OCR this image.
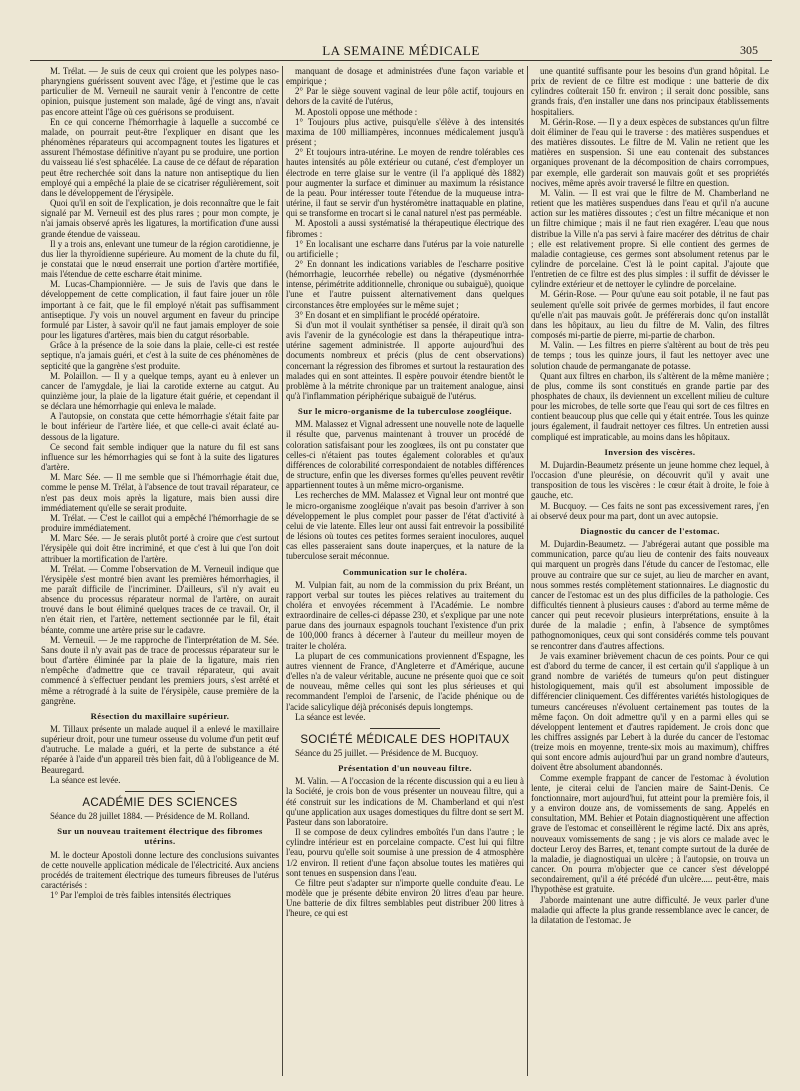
LA SEMAINE MÉDICALE	305

M. Trélat. — Je suis de ceux qui croient que les polypes naso-pharyngiens guérissent souvent avec l'âge, et j'estime que le cas particulier de M. Verneuil ne saurait venir à l'encontre de cette opinion, puisque justement son malade, âgé de vingt ans, n'avait pas encore atteint l'âge où ces guérisons se produisent.

En ce qui concerne l'hémorrhagie à laquelle a succombé ce malade, on pourrait peut-être l'expliquer en disant que les phénomènes réparateurs qui accompagnent toutes les ligatures et assurent l'hémostase définitive n'ayant pu se produire, une portion du vaisseau lié s'est sphacélée. La cause de ce défaut de réparation peut être recherchée soit dans la nature non antiseptique du lien employé qui a empêché la plaie de se cicatriser régulièrement, soit dans le développement de l'érysipèle.

Quoi qu'il en soit de l'explication, je dois reconnaître que le fait signalé par M. Verneuil est des plus rares ; pour mon compte, je n'ai jamais observé après les ligatures, la mortification d'une aussi grande étendue de vaisseau.

Il y a trois ans, enlevant une tumeur de la région carotidienne, je dus lier la thyroïdienne supérieure. Au moment de la chute du fil, je constatai que le nœud enserrait une portion d'artère mortifiée, mais l'étendue de cette escharre était minime.

M. Lucas-Championnière. — Je suis de l'avis que dans le développement de cette complication, il faut faire jouer un rôle important à ce fait, que le fil employé n'était pas suffisamment antiseptique. J'y vois un nouvel argument en faveur du principe formulé par Lister, à savoir qu'il ne faut jamais employer de soie pour les ligatures d'artères, mais bien du catgut résorbable.

Grâce à la présence de la soie dans la plaie, celle-ci est restée septique, n'a jamais guéri, et c'est à la suite de ces phénomènes de septicité que la gangrène s'est produite.

M. Polaillon. — Il y a quelque temps, ayant eu à enlever un cancer de l'amygdale, je liai la carotide externe au catgut. Au quinzième jour, la plaie de la ligature était guérie, et cependant il se déclara une hémorrhagie qui enleva le malade.

A l'autopsie, on constata que cette hémorrhagie s'était faite par le bout inférieur de l'artère liée, et que celle-ci avait éclaté au-dessous de la ligature.

Ce second fait semble indiquer que la nature du fil est sans influence sur les hémorrhagies qui se font à la suite des ligatures d'artère.

M. Marc Sée. — Il me semble que si l'hémorrhagie était due, comme le pense M. Trélat, à l'absence de tout travail réparateur, ce n'est pas deux mois après la ligature, mais bien aussi dire immédiatement qu'elle se serait produite.

M. Trélat. — C'est le caillot qui a empêché l'hémorrhagie de se produire immédiatement.

M. Marc Sée. — Je serais plutôt porté à croire que c'est surtout l'érysipèle qui doit être incriminé, et que c'est à lui que l'on doit attribuer la mortification de l'artère.

M. Trélat. — Comme l'observation de M. Verneuil indique que l'érysipèle s'est montré bien avant les premières hémorrhagies, il me paraît difficile de l'incriminer. D'ailleurs, s'il n'y avait eu absence du processus réparateur normal de l'artère, on aurait trouvé dans le bout éliminé quelques traces de ce travail. Or, il n'en était rien, et l'artère, nettement sectionnée par le fil, était béante, comme une artère prise sur le cadavre.

M. Verneuil. — Je me rapproche de l'interprétation de M. Sée. Sans doute il n'y avait pas de trace de processus réparateur sur le bout d'artère éliminée par la plaie de la ligature, mais rien n'empêche d'admettre que ce travail réparateur, qui avait commencé à s'effectuer pendant les premiers jours, s'est arrêté et même a rétrogradé à la suite de l'érysipèle, cause première de la gangrène.

Résection du maxillaire supérieur.

M. Tillaux présente un malade auquel il a enlevé le maxillaire supérieur droit, pour une tumeur osseuse du volume d'un petit œuf d'autruche. Le malade a guéri, et la perte de substance a été réparée à l'aide d'un appareil très bien fait, dû à l'obligeance de M. Beauregard.

La séance est levée.

ACADÉMIE DES SCIENCES

Séance du 28 juillet 1884. — Présidence de M. Rolland.

Sur un nouveau traitement électrique des fibromes utérins.

M. le docteur Apostoli donne lecture des conclusions suivantes de cette nouvelle application médicale de l'électricité. Aux anciens procédés de traitement électrique des tumeurs fibreuses de l'utérus caractérisés :

1° Par l'emploi de très faibles intensités électriques

manquant de dosage et administrées d'une façon variable et empirique ;

2° Par le siège souvent vaginal de leur pôle actif, toujours en dehors de la cavité de l'utérus,

M. Apostoli oppose une méthode :

1° Toujours plus active, puisqu'elle s'élève à des intensités maxima de 100 milliampères, inconnues médicalement jusqu'à présent ;

2° Et toujours intra-utérine. Le moyen de rendre tolérables ces hautes intensités au pôle extérieur ou cutané, c'est d'employer un électrode en terre glaise sur le ventre (il l'a appliqué dès 1882) pour augmenter la surface et diminuer au maximum la résistance de la peau. Pour intéresser toute l'étendue de la muqueuse intra-utérine, il faut se servir d'un hystéromètre inattaquable en platine, qui se transforme en trocart si le canal naturel n'est pas perméable.

M. Apostoli a aussi systématisé la thérapeutique électrique des fibromes :

1° En localisant une escharre dans l'utérus par la voie naturelle ou artificielle ;

2° En donnant les indications variables de l'escharre positive (hémorrhagie, leucorrhée rebelle) ou négative (dysménorrhée intense, périmétrite additionnelle, chronique ou subaiguë), quoique l'une et l'autre puissent alternativement dans quelques circonstances être employées sur le même sujet ;

3° En dosant et en simplifiant le procédé opératoire.

Si d'un mot il voulait synthétiser sa pensée, il dirait qu'à son avis l'avenir de la gynécologie est dans la thérapeutique intra-utérine sagement administrée. Il apporte aujourd'hui des documents nombreux et précis (plus de cent observations) concernant la régression des fibromes et surtout la restauration des malades qui en sont atteintes. Il espère pouvoir étendre bientôt le problème à la métrite chronique par un traitement analogue, ainsi qu'à l'inflammation périphérique subaiguë de l'utérus.

Sur le micro-organisme de la tuberculose zoogléique.

MM. Malassez et Vignal adressent une nouvelle note de laquelle il résulte que, parvenus maintenant à trouver un procédé de coloration satisfaisant pour les zooglœes, ils ont pu constater que celles-ci n'étaient pas toutes également colorables et qu'aux différences de colorabilité correspondaient de notables différences de structure, enfin que les diverses formes qu'elles peuvent revêtir appartiennent toutes à un même micro-organisme.

Les recherches de MM. Malassez et Vignal leur ont montré que le micro-organisme zoogléique n'avait pas besoin d'arriver à son développement le plus complet pour passer de l'état d'activité à celui de vie latente. Elles leur ont aussi fait entrevoir la possibilité de lésions où toutes ces petites formes seraient inoculores, auquel cas elles passeraient sans doute inaperçues, et la nature de la tuberculose serait méconnue.

Communication sur le choléra.

M. Vulpian fait, au nom de la commission du prix Bréant, un rapport verbal sur toutes les pièces relatives au traitement du choléra et envoyées récemment à l'Académie. Le nombre extraordinaire de celles-ci dépasse 230, et s'explique par une note parue dans des journaux espagnols touchant l'existence d'un prix de 100,000 francs à décerner à l'auteur du meilleur moyen de traiter le choléra.

La plupart de ces communications proviennent d'Espagne, les autres viennent de France, d'Angleterre et d'Amérique, aucune d'elles n'a de valeur véritable, aucune ne présente quoi que ce soit de nouveau, même celles qui sont les plus sérieuses et qui recommandent l'emploi de l'arsenic, de l'acide phénique ou de l'acide salicylique déjà préconisés depuis longtemps.

La séance est levée.

SOCIÉTÉ MÉDICALE DES HOPITAUX

Séance du 25 juillet. — Présidence de M. Bucquoy.

Présentation d'un nouveau filtre.

M. Valin. — A l'occasion de la récente discussion qui a eu lieu à la Société, je crois bon de vous présenter un nouveau filtre, qui a été construit sur les indications de M. Chamberland et qui n'est qu'une application aux usages domestiques du filtre dont se sert M. Pasteur dans son laboratoire.

Il se compose de deux cylindres emboîtés l'un dans l'autre ; le cylindre intérieur est en porcelaine compacte. C'est lui qui filtre l'eau, pourvu qu'elle soit soumise à une pression de 4 atmosphère 1/2 environ. Il retient d'une façon absolue toutes les matières qui sont tenues en suspension dans l'eau.

Ce filtre peut s'adapter sur n'importe quelle conduite d'eau. Le modèle que je présente débite environ 20 litres d'eau par heure. Une batterie de dix filtres semblables peut distribuer 200 litres à l'heure, ce qui est

une quantité suffisante pour les besoins d'un grand hôpital. Le prix de revient de ce filtre est modique : une batterie de dix cylindres coûterait 150 fr. environ ; il serait donc possible, sans grands frais, d'en installer une dans nos principaux établissements hospitaliers.

M. Gérin-Rose. — Il y a deux espèces de substances qu'un filtre doit éliminer de l'eau qui le traverse : des matières suspendues et des matières dissoutes. Le filtre de M. Valin ne retient que les matières en suspension. Si une eau contenait des substances organiques provenant de la décomposition de chairs corrompues, par exemple, elle garderait son mauvais goût et ses propriétés nocives, même après avoir traversé le filtre en question.

M. Valin. — Il est vrai que le filtre de M. Chamberland ne retient que les matières suspendues dans l'eau et qu'il n'a aucune action sur les matières dissoutes ; c'est un filtre mécanique et non un filtre chimique ; mais il ne faut rien exagérer. L'eau que nous distribue la Ville n'a pas servi à faire macérer des détritus de chair ; elle est relativement propre. Si elle contient des germes de maladie contagieuse, ces germes sont absolument retenus par le cylindre de porcelaine. C'est là le point capital. J'ajoute que l'entretien de ce filtre est des plus simples : il suffit de dévisser le cylindre extérieur et de nettoyer le cylindre de porcelaine.

M. Gérin-Rose. — Pour qu'une eau soit potable, il ne faut pas seulement qu'elle soit privée de germes morbides, il faut encore qu'elle n'ait pas mauvais goût. Je préférerais donc qu'on installât dans les hôpitaux, au lieu du filtre de M. Valin, des filtres composés mi-partie de pierre, mi-partie de charbon.

M. Valin. — Les filtres en pierre s'altèrent au bout de très peu de temps ; tous les quinze jours, il faut les nettoyer avec une solution chaude de permanganate de potasse.

Quant aux filtres en charbon, ils s'altèrent de la même manière ; de plus, comme ils sont constitués en grande partie par des phosphates de chaux, ils deviennent un excellent milieu de culture pour les microbes, de telle sorte que l'eau qui sort de ces filtres en contient beaucoup plus que celle qui y était entrée. Tous les quinze jours également, il faudrait nettoyer ces filtres. Un entretien aussi compliqué est impraticable, au moins dans les hôpitaux.

Inversion des viscères.

M. Dujardin-Beaumetz présente un jeune homme chez lequel, à l'occasion d'une pleurésie, on découvrit qu'il y avait une transposition de tous les viscères : le cœur était à droite, le foie à gauche, etc.

M. Bucquoy. — Ces faits ne sont pas excessivement rares, j'en ai observé deux pour ma part, dont un avec autopsie.

Diagnostic du cancer de l'estomac.

M. Dujardin-Beaumetz. — J'abrégerai autant que possible ma communication, parce qu'au lieu de contenir des faits nouveaux qui marquent un progrès dans l'étude du cancer de l'estomac, elle prouve au contraire que sur ce sujet, au lieu de marcher en avant, nous sommes restés complètement stationnaires. Le diagnostic du cancer de l'estomac est un des plus difficiles de la pathologie. Ces difficultés tiennent à plusieurs causes : d'abord au terme même de cancer qui peut recevoir plusieurs interprétations, ensuite à la durée de la maladie ; enfin, à l'absence de symptômes pathognomoniques, ceux qui sont considérés comme tels pouvant se rencontrer dans d'autres affections.

Je vais examiner brièvement chacun de ces points. Pour ce qui est d'abord du terme de cancer, il est certain qu'il s'applique à un grand nombre de variétés de tumeurs qu'on peut distinguer histologiquement, mais qu'il est absolument impossible de différencier cliniquement. Ces différentes variétés histologiques de tumeurs cancéreuses n'évoluent certainement pas toutes de la même façon. On doit admettre qu'il y en a parmi elles qui se développent lentement et d'autres rapidement. Je crois donc que les chiffres assignés par Lebert à la durée du cancer de l'estomac (treize mois en moyenne, trente-six mois au maximum), chiffres qui sont encore admis aujourd'hui par un grand nombre d'auteurs, doivent être absolument abandonnés.

Comme exemple frappant de cancer de l'estomac à évolution lente, je citerai celui de l'ancien maire de Saint-Denis. Ce fonctionnaire, mort aujourd'hui, fut atteint pour la première fois, il y a environ douze ans, de vomissements de sang. Appelés en consultation, MM. Behier et Potain diagnostiquèrent une affection grave de l'estomac et conseillèrent le régime lacté. Dix ans après, nouveaux vomissements de sang ; je vis alors ce malade avec le docteur Leroy des Barres, et, tenant compte surtout de la durée de la maladie, je diagnostiquai un ulcère ; à l'autopsie, on trouva un cancer. On pourra m'objecter que ce cancer s'est développé secondairement, qu'il a été précédé d'un ulcère..... peut-être, mais l'hypothèse est gratuite.

J'aborde maintenant une autre difficulté. Je veux parler d'une maladie qui affecte la plus grande ressemblance avec le cancer, de la dilatation de l'estomac. Je
